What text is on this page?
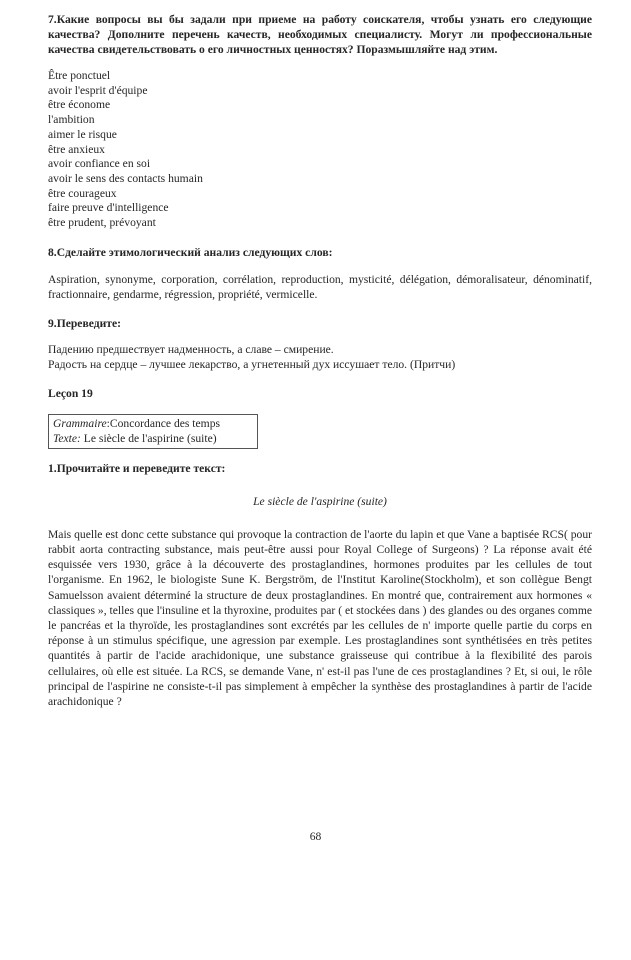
7.Какие вопросы вы бы задали при приеме на работу соискателя, чтобы узнать его следующие качества? Дополните перечень качеств, необходимых специалисту. Могут ли профессиональные качества свидетельствовать о его личностных ценностях? Поразмышляйте над этим.

Être ponctuel
avoir l'esprit d'équipe
être économe
l'ambition
aimer le risque
être anxieux
avoir confiance en soi
avoir le sens des contacts humain
être courageux
faire preuve d'intelligence
être prudent, prévoyant

8.Сделайте этимологический анализ следующих слов:

Aspiration, synonyme, corporation, corrélation, reproduction, mysticité, délégation, démoralisateur, dénominatif, fractionnaire, gendarme, régression, propriété, vermicelle.

9.Переведите:

Падению предшествует надменность, а славе – смирение.
Радость на сердце – лучшее лекарство, а угнетенный дух иссушает тело. (Притчи)

Leçon 19

Grammaire:Concordance des temps
Texte: Le siècle de l'aspirine (suite)

1.Прочитайте и переведите текст:

Le siècle de l'aspirine (suite)

Mais quelle est donc cette substance qui provoque la contraction de l'aorte du lapin et que Vane a baptisée RCS( pour rabbit aorta contracting substance, mais peut-être aussi pour Royal College of Surgeons) ? La réponse avait été esquissée vers 1930, grâce à la découverte des prostaglandines, hormones produites par les cellules de tout l'organisme. En 1962, le biologiste Sune K. Bergström, de l'Institut Karoline(Stockholm), et son collègue Bengt Samuelsson avaient déterminé la structure de deux prostaglandines. En montré que, contrairement aux hormones « classiques », telles que l'insuline et la thyroxine, produites par ( et stockées dans ) des glandes ou des organes comme le pancréas et la thyroïde, les prostaglandines sont excrétés par les cellules de n' importe quelle partie du corps en réponse à un stimulus spécifique, une agression par exemple. Les prostaglandines sont synthétisées en très petites quantités à partir de l'acide arachidonique, une substance graisseuse qui contribue à la flexibilité des parois cellulaires, où elle est située. La RCS, se demande Vane, n' est-il pas l'une de ces prostaglandines ? Et, si oui, le rôle principal de l'aspirine ne consiste-t-il pas simplement à empêcher la synthèse des prostaglandines à partir de l'acide arachidonique ?

68
